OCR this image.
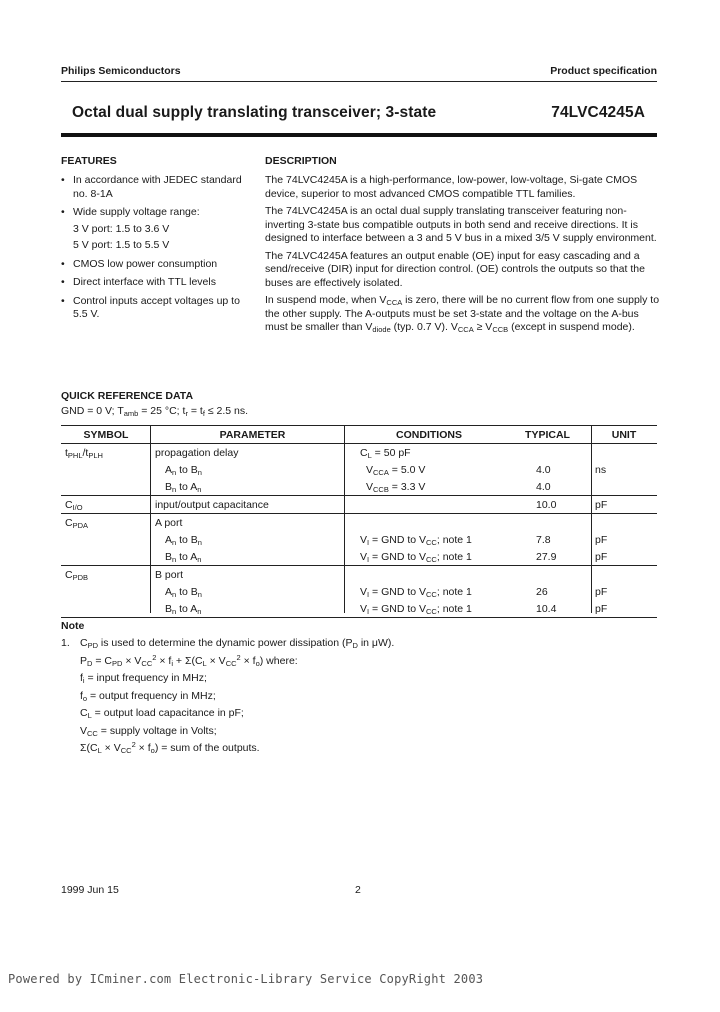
Philips Semiconductors	Product specification
Octal dual supply translating transceiver; 3-state	74LVC4245A
FEATURES
• In accordance with JEDEC standard no. 8-1A
• Wide supply voltage range:
3 V port: 1.5 to 3.6 V
5 V port: 1.5 to 5.5 V
• CMOS low power consumption
• Direct interface with TTL levels
• Control inputs accept voltages up to 5.5 V.
DESCRIPTION

The 74LVC4245A is a high-performance, low-power, low-voltage, Si-gate CMOS device, superior to most advanced CMOS compatible TTL families.

The 74LVC4245A is an octal dual supply translating transceiver featuring non-inverting 3-state bus compatible outputs in both send and receive directions. It is designed to interface between a 3 and 5 V bus in a mixed 3/5 V supply environment.

The 74LVC4245A features an output enable (OE) input for easy cascading and a send/receive (DIR) input for direction control. (OE) controls the outputs so that the buses are effectively isolated.

In suspend mode, when $V_{CCA}$ is zero, there will be no current flow from one supply to the other supply. The A-outputs must be set 3-state and the voltage on the A-bus must be smaller than $V_{diode}$ (typ. 0.7 V). $V_{CCA} \ge V_{CCB}$ (except in suspend mode).

QUICK REFERENCE DATA
GND = 0 V; $T_{amb} = 25$ °C; $t_r = t_f \le 2.5$ ns.
SYMBOL	PARAMETER	CONDITIONS	TYPICAL	UNIT
$t_{PHL}/t_{PLH}$	propagation delay	$C_L = 50$ pF		
	$A_n$ to $B_n$	$V_{CCA} = 5.0$ V	4.0	ns
	$B_n$ to $A_n$	$V_{CCB} = 3.3$ V	4.0	
$C_{I/O}$	input/output capacitance		10.0	pF
$C_{PDA}$	A port			
	$A_n$ to $B_n$	$V_I$ = GND to $V_{CC}$; note 1	7.8	pF
	$B_n$ to $A_n$	$V_I$ = GND to $V_{CC}$; note 1	27.9	pF
$C_{PDB}$	B port			
	$A_n$ to $B_n$	$V_I$ = GND to $V_{CC}$; note 1	26	pF
	$B_n$ to $A_n$	$V_I$ = GND to $V_{CC}$; note 1	10.4	pF
Note
1. $C_{PD}$ is used to determine the dynamic power dissipation ($P_D$ in μW).
$P_D = C_{PD} \times V_{CC}^2 \times f_i + \Sigma(C_L \times V_{CC}^2 \times f_o)$ where:
$f_i$ = input frequency in MHz;
$f_o$ = output frequency in MHz;
$C_L$ = output load capacitance in pF;
$V_{CC}$ = supply voltage in Volts;
$\Sigma(C_L \times V_{CC}^2 \times f_o)$ = sum of the outputs.
1999 Jun 15	2
Powered by ICminer.com Electronic-Library Service CopyRight 2003
